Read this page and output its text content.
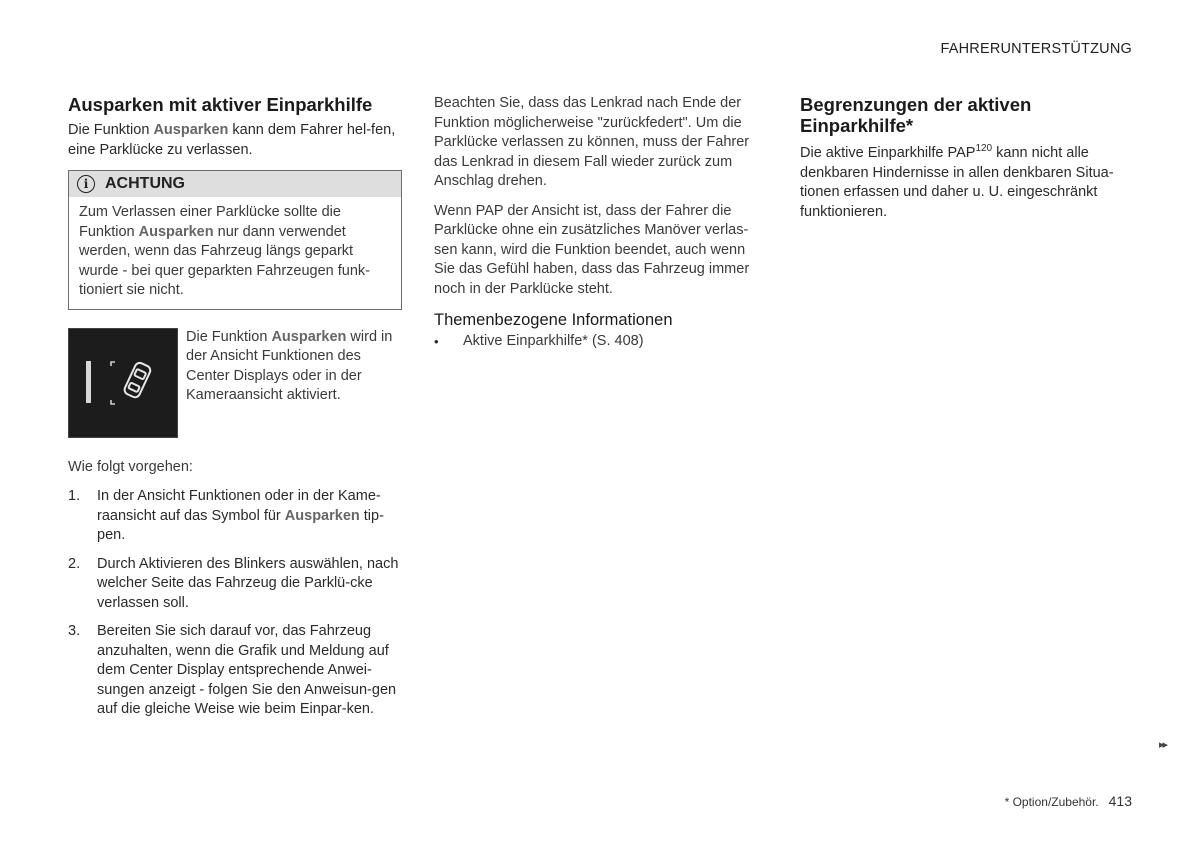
FAHRERUNTERSTÜTZUNG
Ausparken mit aktiver Einparkhilfe

Die Funktion Ausparken kann dem Fahrer hel-fen, eine Parklücke zu verlassen.

i	ACHTUNG
Zum Verlassen einer Parklücke sollte die Funktion Ausparken nur dann verwendet werden, wenn das Fahrzeug längs geparkt wurde - bei quer geparkten Fahrzeugen funk-tioniert sie nicht.
Die Funktion Ausparken wird in der Ansicht Funktionen des Center Displays oder in der Kameraansicht aktiviert.

Wie folgt vorgehen:

1.	In der Ansicht Funktionen oder in der Kame-raansicht auf das Symbol für Ausparken tip-pen.
2.	Durch Aktivieren des Blinkers auswählen, nach welcher Seite das Fahrzeug die Parklü-cke verlassen soll.
3.	Bereiten Sie sich darauf vor, das Fahrzeug anzuhalten, wenn die Grafik und Meldung auf dem Center Display entsprechende Anwei-sungen anzeigt - folgen Sie den Anweisun-gen auf die gleiche Weise wie beim Einpar-ken.

Beachten Sie, dass das Lenkrad nach Ende der Funktion möglicherweise "zurückfedert". Um die Parklücke verlassen zu können, muss der Fahrer das Lenkrad in diesem Fall wieder zurück zum Anschlag drehen.

Wenn PAP der Ansicht ist, dass der Fahrer die Parklücke ohne ein zusätzliches Manöver verlas-sen kann, wird die Funktion beendet, auch wenn Sie das Gefühl haben, dass das Fahrzeug immer noch in der Parklücke steht.

Themenbezogene Informationen
•	Aktive Einparkhilfe* (S. 408)
Begrenzungen der aktiven Einparkhilfe*

Die aktive Einparkhilfe PAP$^{120}$ kann nicht alle denkbaren Hindernisse in allen denkbaren Situa-tionen erfassen und daher u. U. eingeschränkt funktionieren.

▸▸
* Option/Zubehör. 413
